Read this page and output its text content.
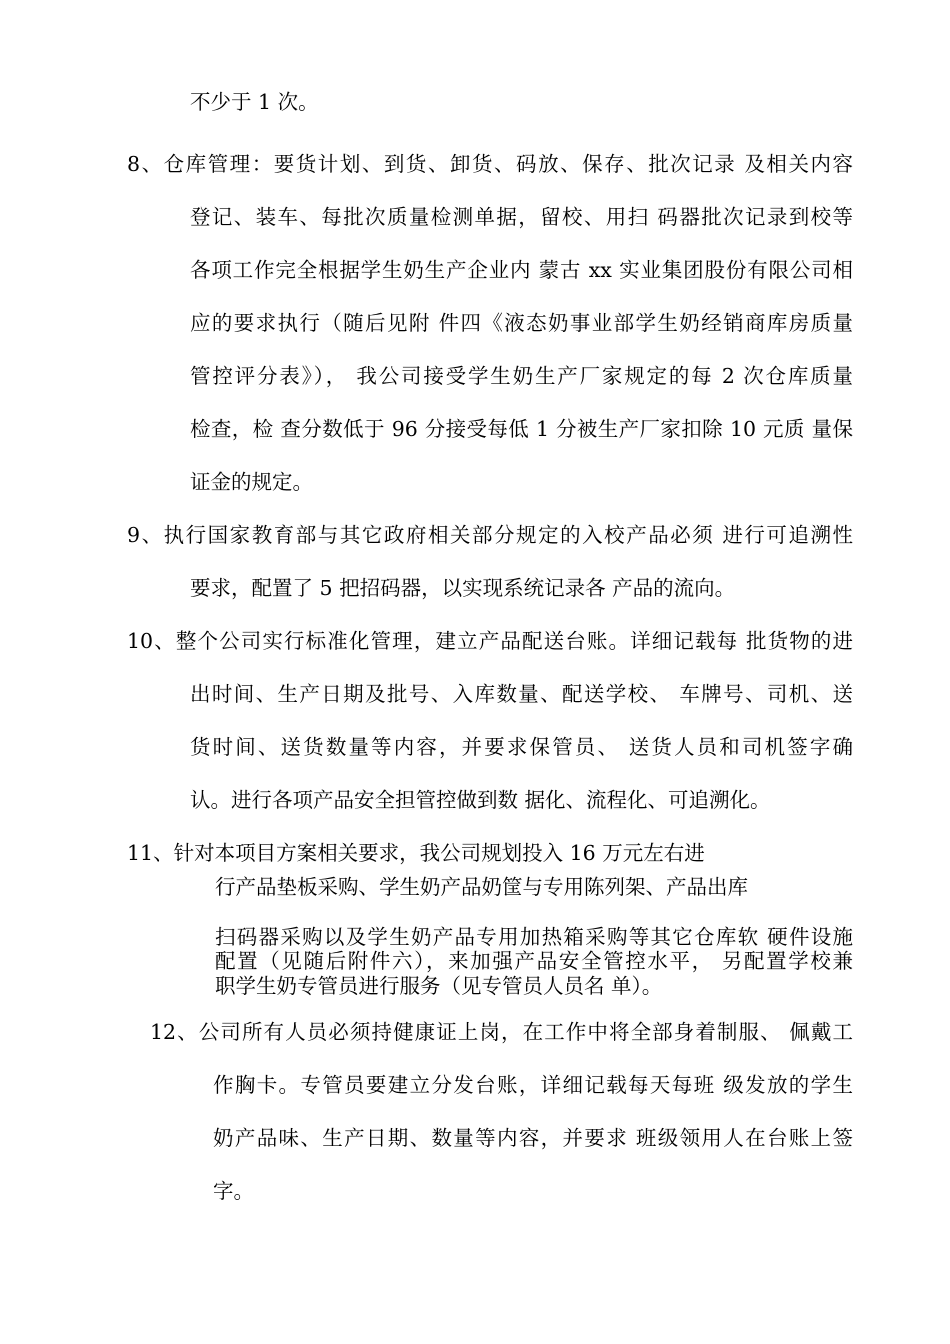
不少于 1 次。
8、仓库管理：要货计划、到货、卸货、码放、保存、批次记录 及相关内容
登记、装车、每批次质量检测单据，留校、用扫 码器批次记录到校等
各项工作完全根据学生奶生产企业内 蒙古 xx 实业集团股份有限公司相
应的要求执行（随后见附 件四《液态奶事业部学生奶经销商库房质量
管控评分表》）， 我公司接受学生奶生产厂家规定的每 2 次仓库质量
检查，检 查分数低于 96 分接受每低 1 分被生产厂家扣除 10 元质 量保
证金的规定。
9、执行国家教育部与其它政府相关部分规定的入校产品必须 进行可追溯性
要求，配置了 5 把招码器，以实现系统记录各 产品的流向。
10、整个公司实行标准化管理，建立产品配送台账。详细记载每 批货物的进
出时间、生产日期及批号、入库数量、配送学校、 车牌号、司机、送
货时间、送货数量等内容，并要求保管员、 送货人员和司机签字确
认。进行各项产品安全担管控做到数 据化、流程化、可追溯化。
11、针对本项目方案相关要求，我公司规划投入 16 万元左右进
行产品垫板采购、学生奶产品奶筐与专用陈列架、产品出库
扫码器采购以及学生奶产品专用加热箱采购等其它仓库软 硬件设施
配置（见随后附件六），来加强产品安全管控水平， 另配置学校兼
职学生奶专管员进行服务（见专管员人员名 单）。
12、公司所有人员必须持健康证上岗，在工作中将全部身着制服、 佩戴工
作胸卡。专管员要建立分发台账，详细记载每天每班 级发放的学生
奶产品味、生产日期、数量等内容，并要求 班级领用人在台账上签
字。
